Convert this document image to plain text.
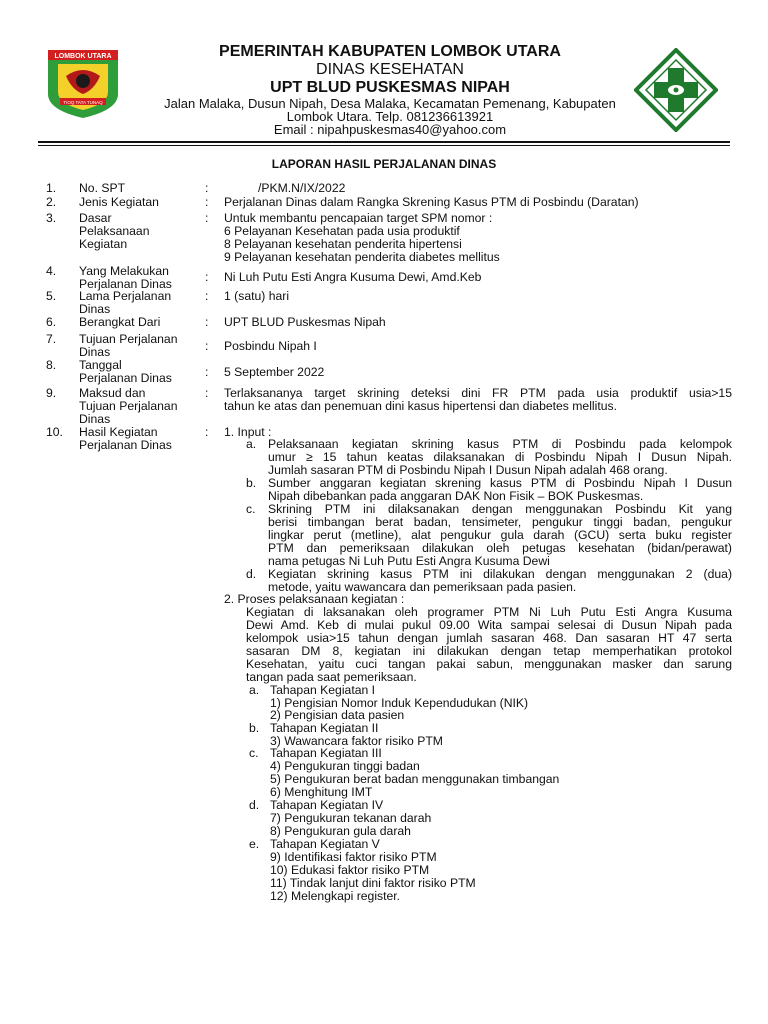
LOMBOK UTARA
TIOQ TATA TUNAQ
PEMERINTAH KABUPATEN LOMBOK UTARA
DINAS KESEHATAN
UPT BLUD PUSKESMAS NIPAH
Jalan Malaka, Dusun Nipah, Desa Malaka, Kecamatan Pemenang, Kabupaten
Lombok Utara. Telp. 081236613921
Email : nipahpuskesmas40@yahoo.com
LAPORAN HASIL PERJALANAN DINAS
1. No. SPT	:	/PKM.N/IX/2022
2. Jenis Kegiatan	: Perjalanan Dinas dalam Rangka Skrening Kasus PTM di Posbindu (Daratan)
3. Dasar
Pelaksanaan
Kegiatan
: Untuk membantu pencapaian target SPM nomor :
6 Pelayanan Kesehatan pada usia produktif
8 Pelayanan kesehatan penderita hipertensi
9 Pelayanan kesehatan penderita diabetes mellitus
4. Yang Melakukan
Perjalanan Dinas	: Ni Luh Putu Esti Angra Kusuma Dewi, Amd.Keb
5. Lama Perjalanan
Dinas
: 1 (satu) hari
6. Berangkat Dari	: UPT BLUD Puskesmas Nipah
7. Tujuan Perjalanan
Dinas	: Posbindu Nipah I
8. Tanggal
Perjalanan Dinas	: 5 September 2022
9. Maksud dan
Tujuan Perjalanan
Dinas
: Terlaksananya target skrining deteksi dini FR PTM pada usia produktif usia>15
tahun ke atas dan penemuan dini kasus hipertensi dan diabetes mellitus.
10. Hasil Kegiatan
Perjalanan Dinas
: 1. Input :
a. Pelaksanaan kegiatan skrining kasus PTM di Posbindu pada kelompok
umur ≥ 15 tahun keatas dilaksanakan di Posbindu Nipah I Dusun Nipah.
Jumlah sasaran PTM di Posbindu Nipah I Dusun Nipah adalah 468 orang.
b. Sumber anggaran kegiatan skrening kasus PTM di Posbindu Nipah I Dusun
Nipah dibebankan pada anggaran DAK Non Fisik – BOK Puskesmas.
c. Skrining PTM ini dilaksanakan dengan menggunakan Posbindu Kit yang
berisi timbangan berat badan, tensimeter, pengukur tinggi badan, pengukur
lingkar perut (metline), alat pengukur gula darah (GCU) serta buku register
PTM dan pemeriksaan dilakukan oleh petugas kesehatan (bidan/perawat)
nama petugas Ni Luh Putu Esti Angra Kusuma Dewi
d. Kegiatan skrining kasus PTM ini dilakukan dengan menggunakan 2 (dua)
metode, yaitu wawancara dan pemeriksaan pada pasien.
2. Proses pelaksanaan kegiatan :
Kegiatan di laksanakan oleh programer PTM Ni Luh Putu Esti Angra Kusuma
Dewi Amd. Keb di mulai pukul 09.00 Wita sampai selesai di Dusun Nipah pada
kelompok usia>15 tahun dengan jumlah sasaran 468. Dan sasaran HT 47 serta
sasaran DM 8, kegiatan ini dilakukan dengan tetap memperhatikan protokol
Kesehatan, yaitu cuci tangan pakai sabun, menggunakan masker dan sarung
tangan pada saat pemeriksaan.
a. Tahapan Kegiatan I
1) Pengisian Nomor Induk Kependudukan (NIK)
2) Pengisian data pasien
b. Tahapan Kegiatan II
3) Wawancara faktor risiko PTM
c. Tahapan Kegiatan III
4) Pengukuran tinggi badan
5) Pengukuran berat badan menggunakan timbangan
6) Menghitung IMT
d. Tahapan Kegiatan IV
7) Pengukuran tekanan darah
8) Pengukuran gula darah
e. Tahapan Kegiatan V
9) Identifikasi faktor risiko PTM
10) Edukasi faktor risiko PTM
11) Tindak lanjut dini faktor risiko PTM
12) Melengkapi register.
